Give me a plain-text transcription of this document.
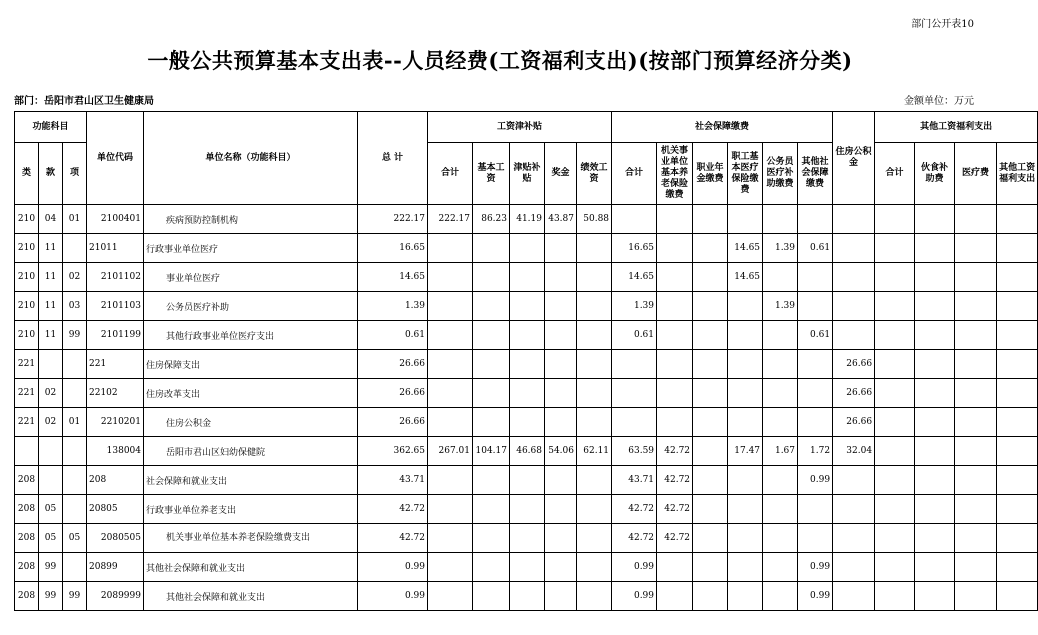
部门公开表10
一般公共预算基本支出表--人员经费(工资福利支出)(按部门预算经济分类)
部门：岳阳市君山区卫生健康局	金额单位：万元
功能科目			单位代码	单位名称（功能科目）	总 计	工资津补贴					社会保障缴费						住房公积金	其他工资福利支出			
类	款	项				合计	基本工资	津贴补贴	奖金	绩效工资	合计	机关事业单位基本养老保险缴费	职业年金缴费	职工基本医疗保险缴费	公务员医疗补助缴费	其他社会保障缴费		合计	伙食补助费	医疗费	其他工资福利支出
210	04	01	2100401	疾病预防控制机构	222.17	222.17	86.23	41.19	43.87	50.88											
210	11		21011	行政事业单位医疗	16.65						16.65			14.65	1.39	0.61					
210	11	02	2101102	事业单位医疗	14.65						14.65			14.65							
210	11	03	2101103	公务员医疗补助	1.39						1.39				1.39						
210	11	99	2101199	其他行政事业单位医疗支出	0.61						0.61					0.61					
221			221	住房保障支出	26.66												26.66				
221	02		22102	住房改革支出	26.66												26.66				
221	02	01	2210201	住房公积金	26.66												26.66				
			138004	岳阳市君山区妇幼保健院	362.65	267.01	104.17	46.68	54.06	62.11	63.59	42.72		17.47	1.67	1.72	32.04				
208			208	社会保障和就业支出	43.71						43.71	42.72				0.99					
208	05		20805	行政事业单位养老支出	42.72						42.72	42.72									
208	05	05	2080505	机关事业单位基本养老保险缴费支出	42.72						42.72	42.72									
208	99		20899	其他社会保障和就业支出	0.99						0.99					0.99					
208	99	99	2089999	其他社会保障和就业支出	0.99						0.99					0.99					
